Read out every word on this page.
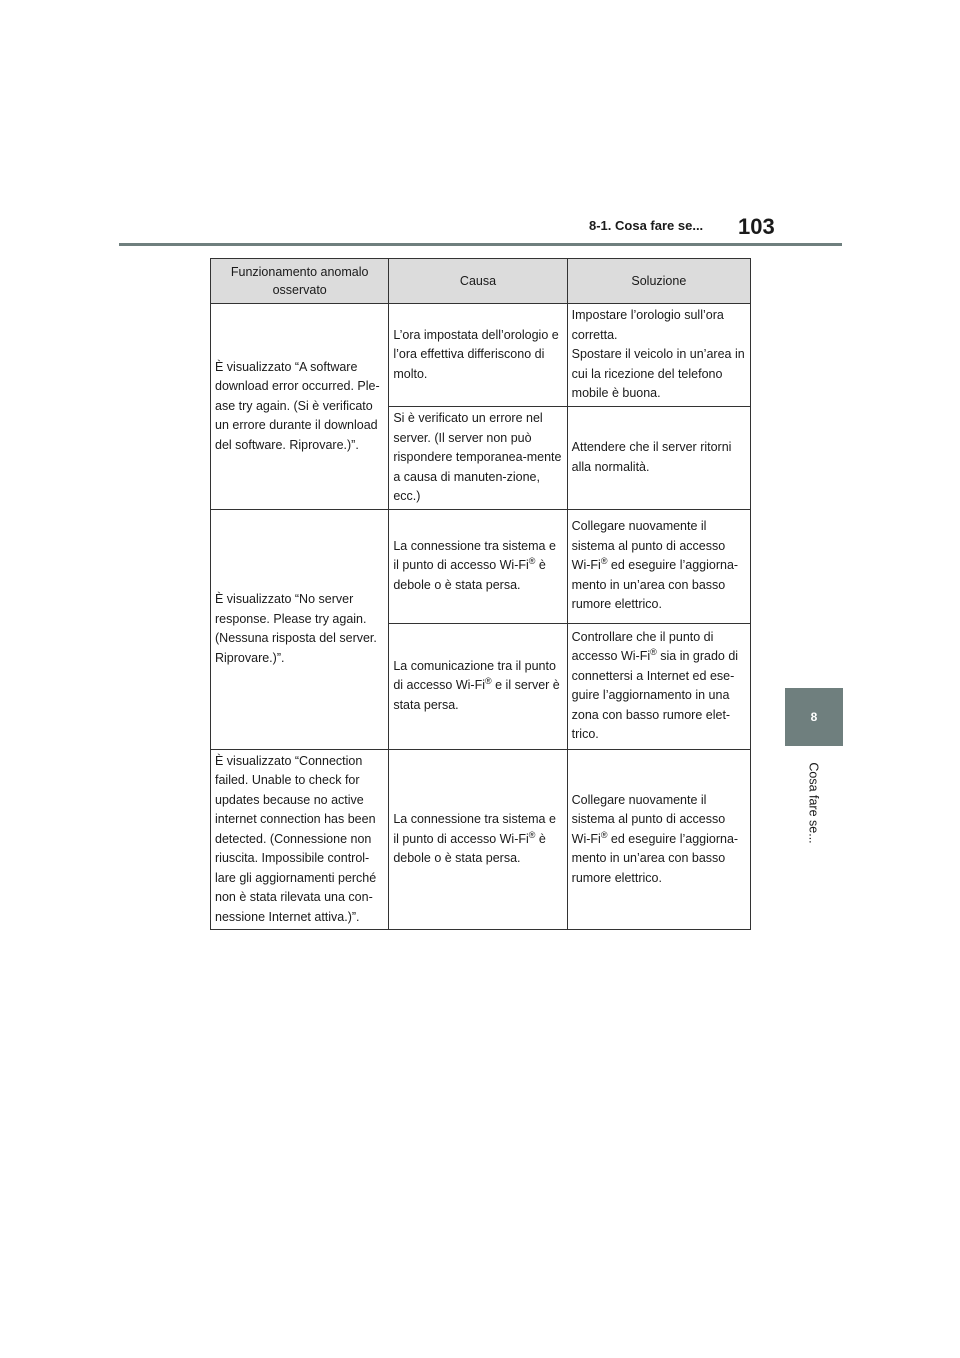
8-1. Cosa fare se... 103
8
Cosa fare se...
Funzionamento anomalo osservato	Causa	Soluzione
È visualizzato “A software download error occurred. Ple-ase try again. (Si è verificato un errore durante il download del software. Riprovare.)”.	L’ora impostata dell’orologio e l’ora effettiva differiscono di molto.	Impostare l’orologio sull’ora corretta.
Spostare il veicolo in un’area in cui la ricezione del telefono mobile è buona.
	Si è verificato un errore nel server. (Il server non può rispondere temporanea-mente a causa di manuten-zione, ecc.)	Attendere che il server ritorni alla normalità.
È visualizzato “No server response. Please try again. (Nessuna risposta del server. Riprovare.)”.	La connessione tra sistema e il punto di accesso Wi-Fi® è debole o è stata persa.	Collegare nuovamente il sistema al punto di accesso Wi-Fi® ed eseguire l’aggiorna-mento in un’area con basso rumore elettrico.
	La comunicazione tra il punto di accesso Wi-Fi® e il server è stata persa.	Controllare che il punto di accesso Wi-Fi® sia in grado di connettersi a Internet ed ese-guire l’aggiornamento in una zona con basso rumore elet-trico.
È visualizzato “Connection failed. Unable to check for updates because no active internet connection has been detected. (Connessione non riuscita. Impossibile control-lare gli aggiornamenti perché non è stata rilevata una con-nessione Internet attiva.)”.	La connessione tra sistema e il punto di accesso Wi-Fi® è debole o è stata persa.	Collegare nuovamente il sistema al punto di accesso Wi-Fi® ed eseguire l’aggiorna-mento in un’area con basso rumore elettrico.
